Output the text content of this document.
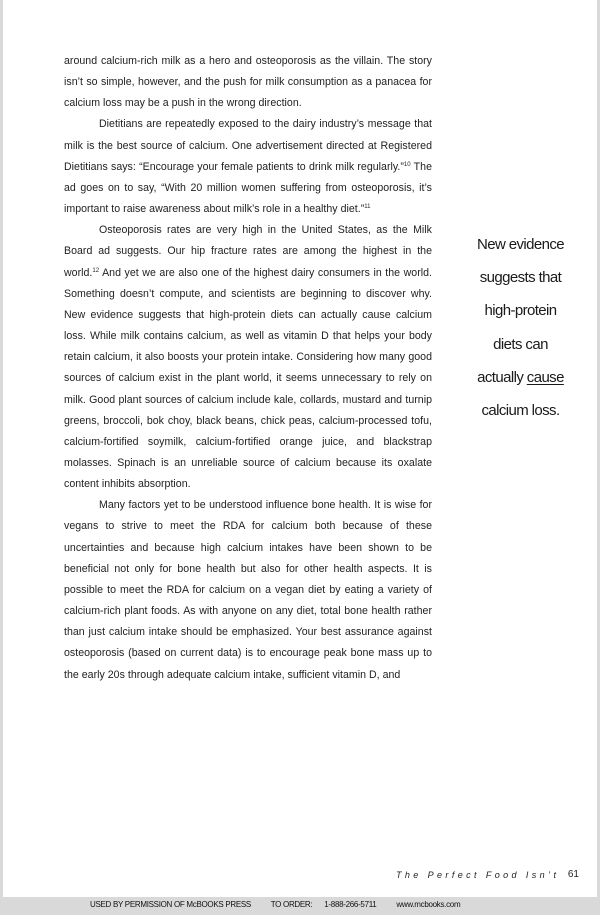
around calcium-rich milk as a hero and osteoporosis as the villain. The story isn’t so simple, however, and the push for milk consumption as a panacea for calcium loss may be a push in the wrong direction.

Dietitians are repeatedly exposed to the dairy industry’s message that milk is the best source of calcium. One advertisement directed at Registered Dietitians says: “Encourage your female patients to drink milk regularly.”$^{10}$ The ad goes on to say, “With 20 million women suffering from osteoporosis, it’s important to raise awareness about milk’s role in a healthy diet.”$^{11}$

Osteoporosis rates are very high in the United States, as the Milk Board ad suggests. Our hip fracture rates are among the highest in the world.$^{12}$ And yet we are also one of the highest dairy consumers in the world. Something doesn’t compute, and scientists are beginning to discover why. New evidence suggests that high-protein diets can actually cause calcium loss. While milk contains calcium, as well as vitamin D that helps your body retain calcium, it also boosts your protein intake. Considering how many good sources of calcium exist in the plant world, it seems unnecessary to rely on milk. Good plant sources of calcium include kale, collards, mustard and turnip greens, broccoli, bok choy, black beans, chick peas, calcium-processed tofu, calcium-fortified soymilk, calcium-fortified orange juice, and blackstrap molasses. Spinach is an unreliable source of calcium because its oxalate content inhibits absorption.

Many factors yet to be understood influence bone health. It is wise for vegans to strive to meet the RDA for calcium both because of these uncertainties and because high calcium intakes have been shown to be beneficial not only for bone health but also for other health aspects. It is possible to meet the RDA for calcium on a vegan diet by eating a variety of calcium-rich plant foods. As with anyone on any diet, total bone health rather than just calcium intake should be emphasized. Your best assurance against osteoporosis (based on current data) is to encourage peak bone mass up to the early 20s through adequate calcium intake, sufficient vitamin D, and

New evidence
suggests that
high-protein
diets can
actually cause
calcium loss.
The Perfect Food Isn’t 61
USED BY PERMISSION OF McBOOKS PRESS TO ORDER: 1-888-266-5711 www.mcbooks.com
